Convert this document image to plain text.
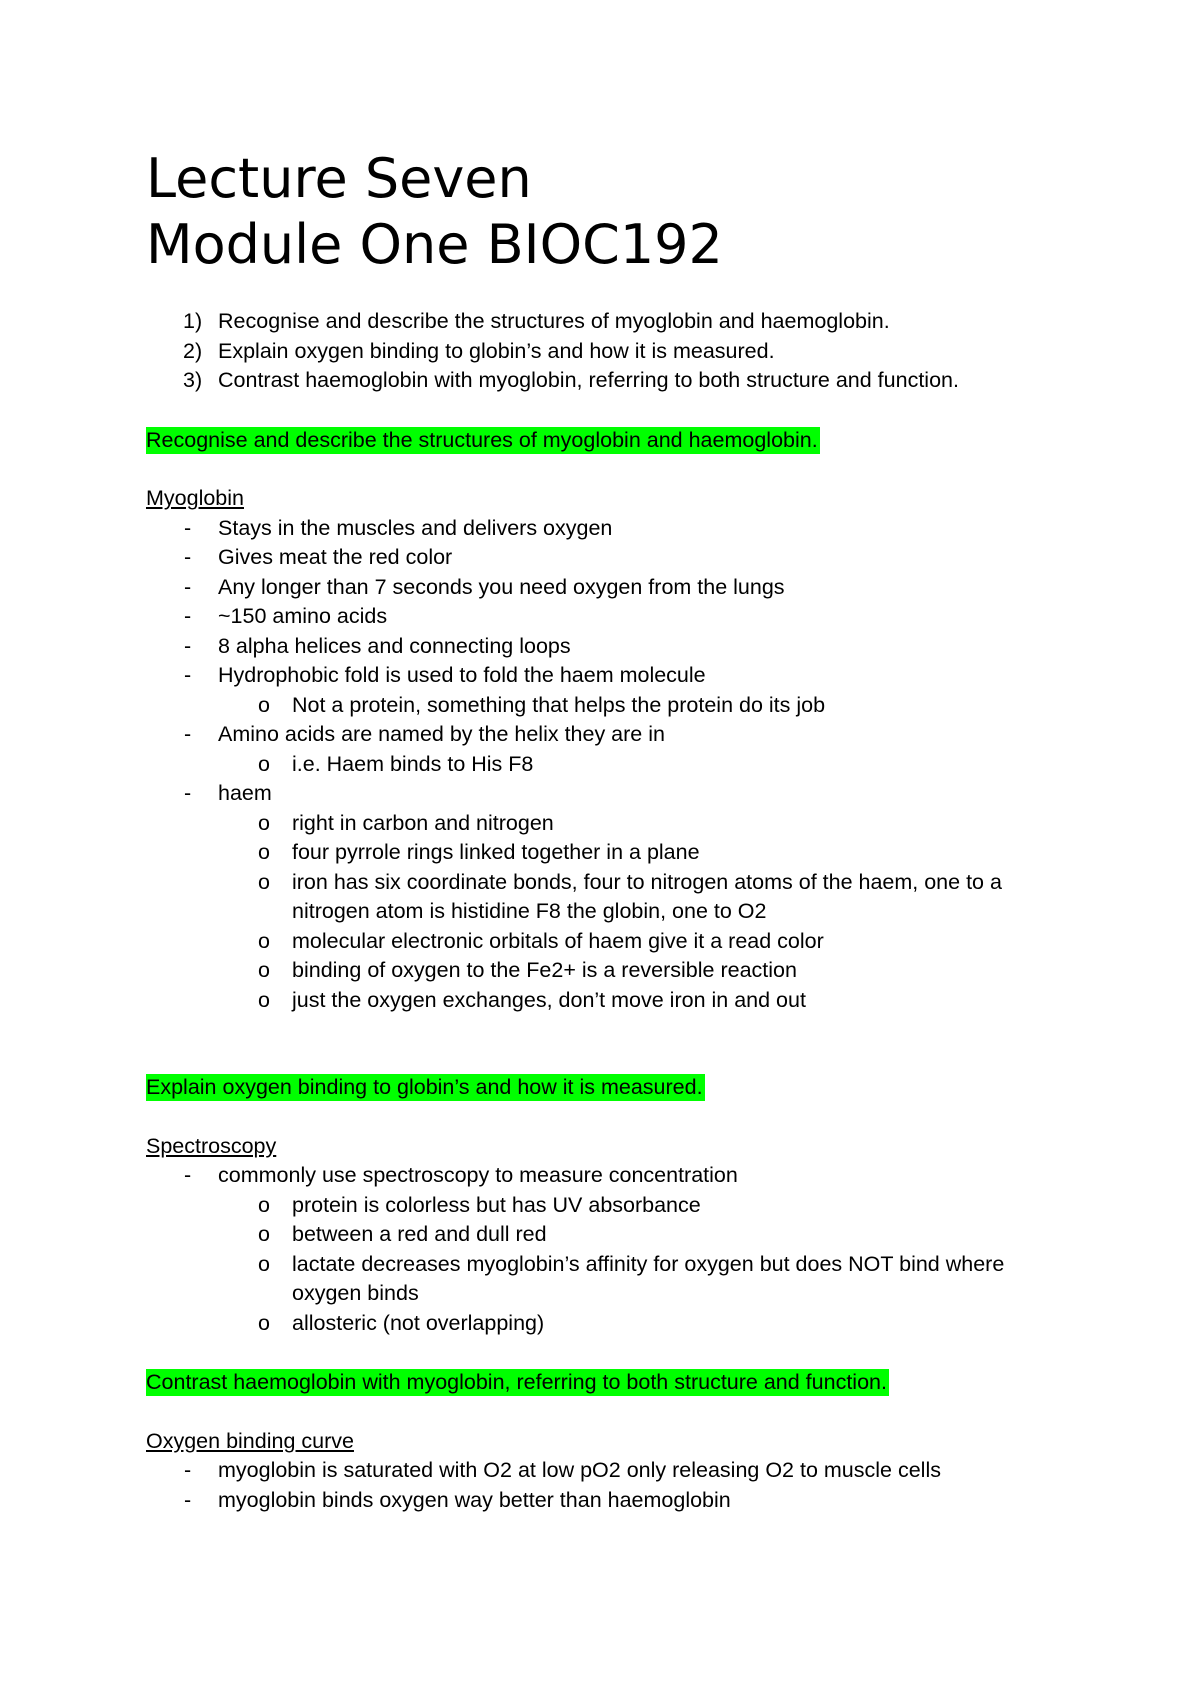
Lecture Seven
Module One BIOC192
1) Recognise and describe the structures of myoglobin and haemoglobin.
2) Explain oxygen binding to globin’s and how it is measured.
3) Contrast haemoglobin with myoglobin, referring to both structure and function.
Recognise and describe the structures of myoglobin and haemoglobin.
Myoglobin
- Stays in the muscles and delivers oxygen
- Gives meat the red color
- Any longer than 7 seconds you need oxygen from the lungs
- ~150 amino acids
- 8 alpha helices and connecting loops
- Hydrophobic fold is used to fold the haem molecule
o Not a protein, something that helps the protein do its job
- Amino acids are named by the helix they are in
o i.e. Haem binds to His F8
- haem
o right in carbon and nitrogen
o four pyrrole rings linked together in a plane
o iron has six coordinate bonds, four to nitrogen atoms of the haem, one to a nitrogen atom is histidine F8 the globin, one to O2
o molecular electronic orbitals of haem give it a read color
o binding of oxygen to the Fe2+ is a reversible reaction
o just the oxygen exchanges, don’t move iron in and out
Explain oxygen binding to globin’s and how it is measured.
Spectroscopy
- commonly use spectroscopy to measure concentration
o protein is colorless but has UV absorbance
o between a red and dull red
o lactate decreases myoglobin’s affinity for oxygen but does NOT bind where oxygen binds
o allosteric (not overlapping)
Contrast haemoglobin with myoglobin, referring to both structure and function.
Oxygen binding curve
- myoglobin is saturated with O2 at low pO2 only releasing O2 to muscle cells
- myoglobin binds oxygen way better than haemoglobin
